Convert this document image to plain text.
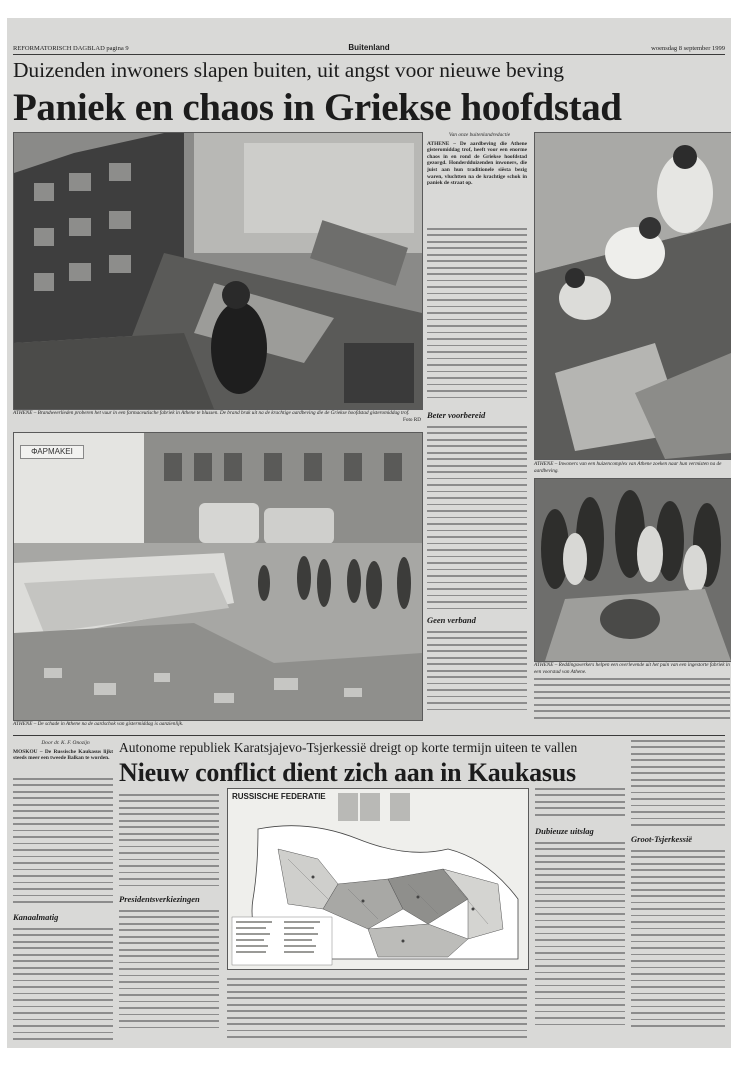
REFORMATORISCH DAGBLAD pagina 9	Buitenland	woensdag 8 september 1999
Duizenden inwoners slapen buiten, uit angst voor nieuwe beving
Paniek en chaos in Griekse hoofdstad
ATHENE – Brandweerlieden proberen het vuur in een farmaceutische fabriek in Athene te blussen. De brand brak uit na de krachtige aardbeving die de Griekse hoofdstad gisteromiddag trof.
Foto RD
ΦΑΡΜΑΚΕΙ
ATHENE – De schade in Athene na de aardschok van gistermiddag is aanzienlijk.
ATHENE – Inwoners van een huizencomplex van Athene zoeken naar hun vermisten na de aardbeving.
ATHENE – Reddingswerkers helpen een overlevende uit het puin van een ingestorte fabriek in een voorstad van Athene.

Van onze buitenlandredactie

ATHENE – De aardbeving die Athene gisteromiddag trof, heeft voor een enorme chaos in en rond de Griekse hoofdstad gezorgd. Honderdduizenden inwoners, die juist aan hun traditionele siësta bezig waren, vluchtten na de krachtige schok in paniek de straat op.

Beter voorbereid
Geen verband

Door dr. K. F. Onozijn

MOSKOU – De Russische Kaukasus lijkt steeds meer een tweede Balkan te worden.

Kanaalmatig
Autonome republiek Karatsjajevo-Tsjerkessië dreigt op korte termijn uiteen te vallen
Nieuw conflict dient zich aan in Kaukasus
Presidentsverkiezingen
RUSSISCHE FEDERATIE
Dubieuze uitslag
Groot-Tsjerkessië
